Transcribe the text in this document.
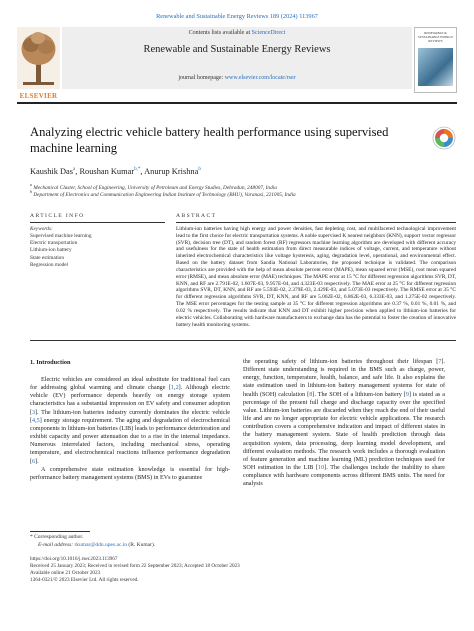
Renewable and Sustainable Energy Reviews 189 (2024) 113967
ELSEVIER
Contents lists available at ScienceDirect
Renewable and Sustainable Energy Reviews
journal homepage: www.elsevier.com/locate/rser
RENEWABLE & SUSTAINABLE ENERGY REVIEWS
Analyzing electric vehicle battery health performance using supervised machine learning
Kaushik Das$^a$, Roushan Kumar$^{b,*}$, Anurup Krishna$^b$
$^a$ Mechanical Cluster, School of Engineering, University of Petroleum and Energy Studies, Dehradun, 248007, India
$^b$ Department of Electronics and Communication Engineering Indian Institute of Technology (BHU), Varanasi, 221005, India
ARTICLE INFO	ABSTRACT
Keywords:
Supervised machine learning
Electric transportation
Lithium-ion battery
State estimation
Regression model
Lithium-ion batteries having high energy and power densities, fast depleting cost, and multifaceted technological improvement lead to the first choice for electric transportation systems. A noble supervised K nearest neighbors (KNN), support vector regressor (SVR), decision tree (DT), and random forest (RF) regressors machine learning algorithm are developed with different accuracy and usefulness for the state of health estimation from direct measurable indices of voltage, current, and temperature without inherited electrochemical characteristics like voltage hysteresis, aging, degradation level, operational, and environmental effect. Based on the battery dataset from Sandia National Laboratories, the proposed technique is validated. The comparison characteristics are provided with the help of mean absolute percent error (MAPE), mean squared error (MSE), root mean squared error (RMSE), and mean absolute error (MAE) techniques. The MAPE error at 15 °C for different regression algorithms SVR, DT, KNN, and RF are 2.791E-02, 1.607E-03, 9.957E-04, and 4.323E-03 respectively. The MAE error at 25 °C for different regression algorithms SVR, DT, KNN, and RF are 5.593E-02, 2.379E-03, 2.429E-03, and 5.073E-03 respectively. The RMSE error at 35 °C for different regression algorithms SVR, DT, KNN, and RF are 5.062E-02, 6.862E-03, 6.333E-03, and 1.275E-02 respectively. The MSE error percentages for the testing sample at 35 °C for different regression algorithms are 0.37 %, 0.01 %, 0.01 %, and 0.02 % respectively. The results indicate that KNN and DT exhibit higher precision when applied to lithium-ion batteries for electric vehicles. Collaborating with hardware manufacturers to exchange data has the potential to foster the creation of innovative battery health monitoring systems.
1. Introduction

Electric vehicles are considered an ideal substitute for traditional fuel cars for addressing global warming and climate change [1,2]. Although electric vehicle (EV) performance depends heavily on energy storage system characteristics has a substantial impression on EV safety and consumer adoption [3]. The lithium-ion batteries industry currently dominates the electric vehicle [4,5] energy storage requirement. The aging and degradation of electrochemical components in lithium-ion batteries (LIB) leads to performance deterioration and exhibit capacity and power attenuation due to a rise in the internal impedance. Numerous interrelated factors, including mechanical stress, operating temperature, and electrochemical reactions influence performance degradation [6].

A comprehensive state estimation knowledge is essential for high-performance battery management systems (BMS) in EVs to guarantee

the operating safety of lithium-ion batteries throughout their lifespan [7]. Different state understanding is required in the BMS such as charge, power, energy, function, temperature, health, balance, and safe life. It also explains the state estimation used in lithium-ion battery management systems for state of health (SOH) calculation [8]. The SOH of a lithium-ion battery [9] is stated as a percentage of the present full charge and discharge capacity over the specified value. Lithium-ion batteries are discarded when they reach the end of their useful life and are no longer appropriate for electric vehicle applications. The research contribution covers a comprehensive indication and impact of different states in the battery management system. State of health prediction through data acquisition system, data processing, deep learning model development, and different evaluation methods. The research work includes a thorough evaluation of feature generation and machine learning (ML) prediction techniques used for SOH estimation in the LIB [10]. The challenges include the inability to share compliance with hardware components across different BMS units. The need for analysis

* Corresponding author.
E-mail address: rkumar@ddn.upes.ac.in (R. Kumar).
https://doi.org/10.1016/j.rser.2023.113967
Received 25 January 2023; Received in revised form 22 September 2023; Accepted 18 October 2023
Available online 21 October 2023
1364-0321/© 2023 Elsevier Ltd. All rights reserved.
